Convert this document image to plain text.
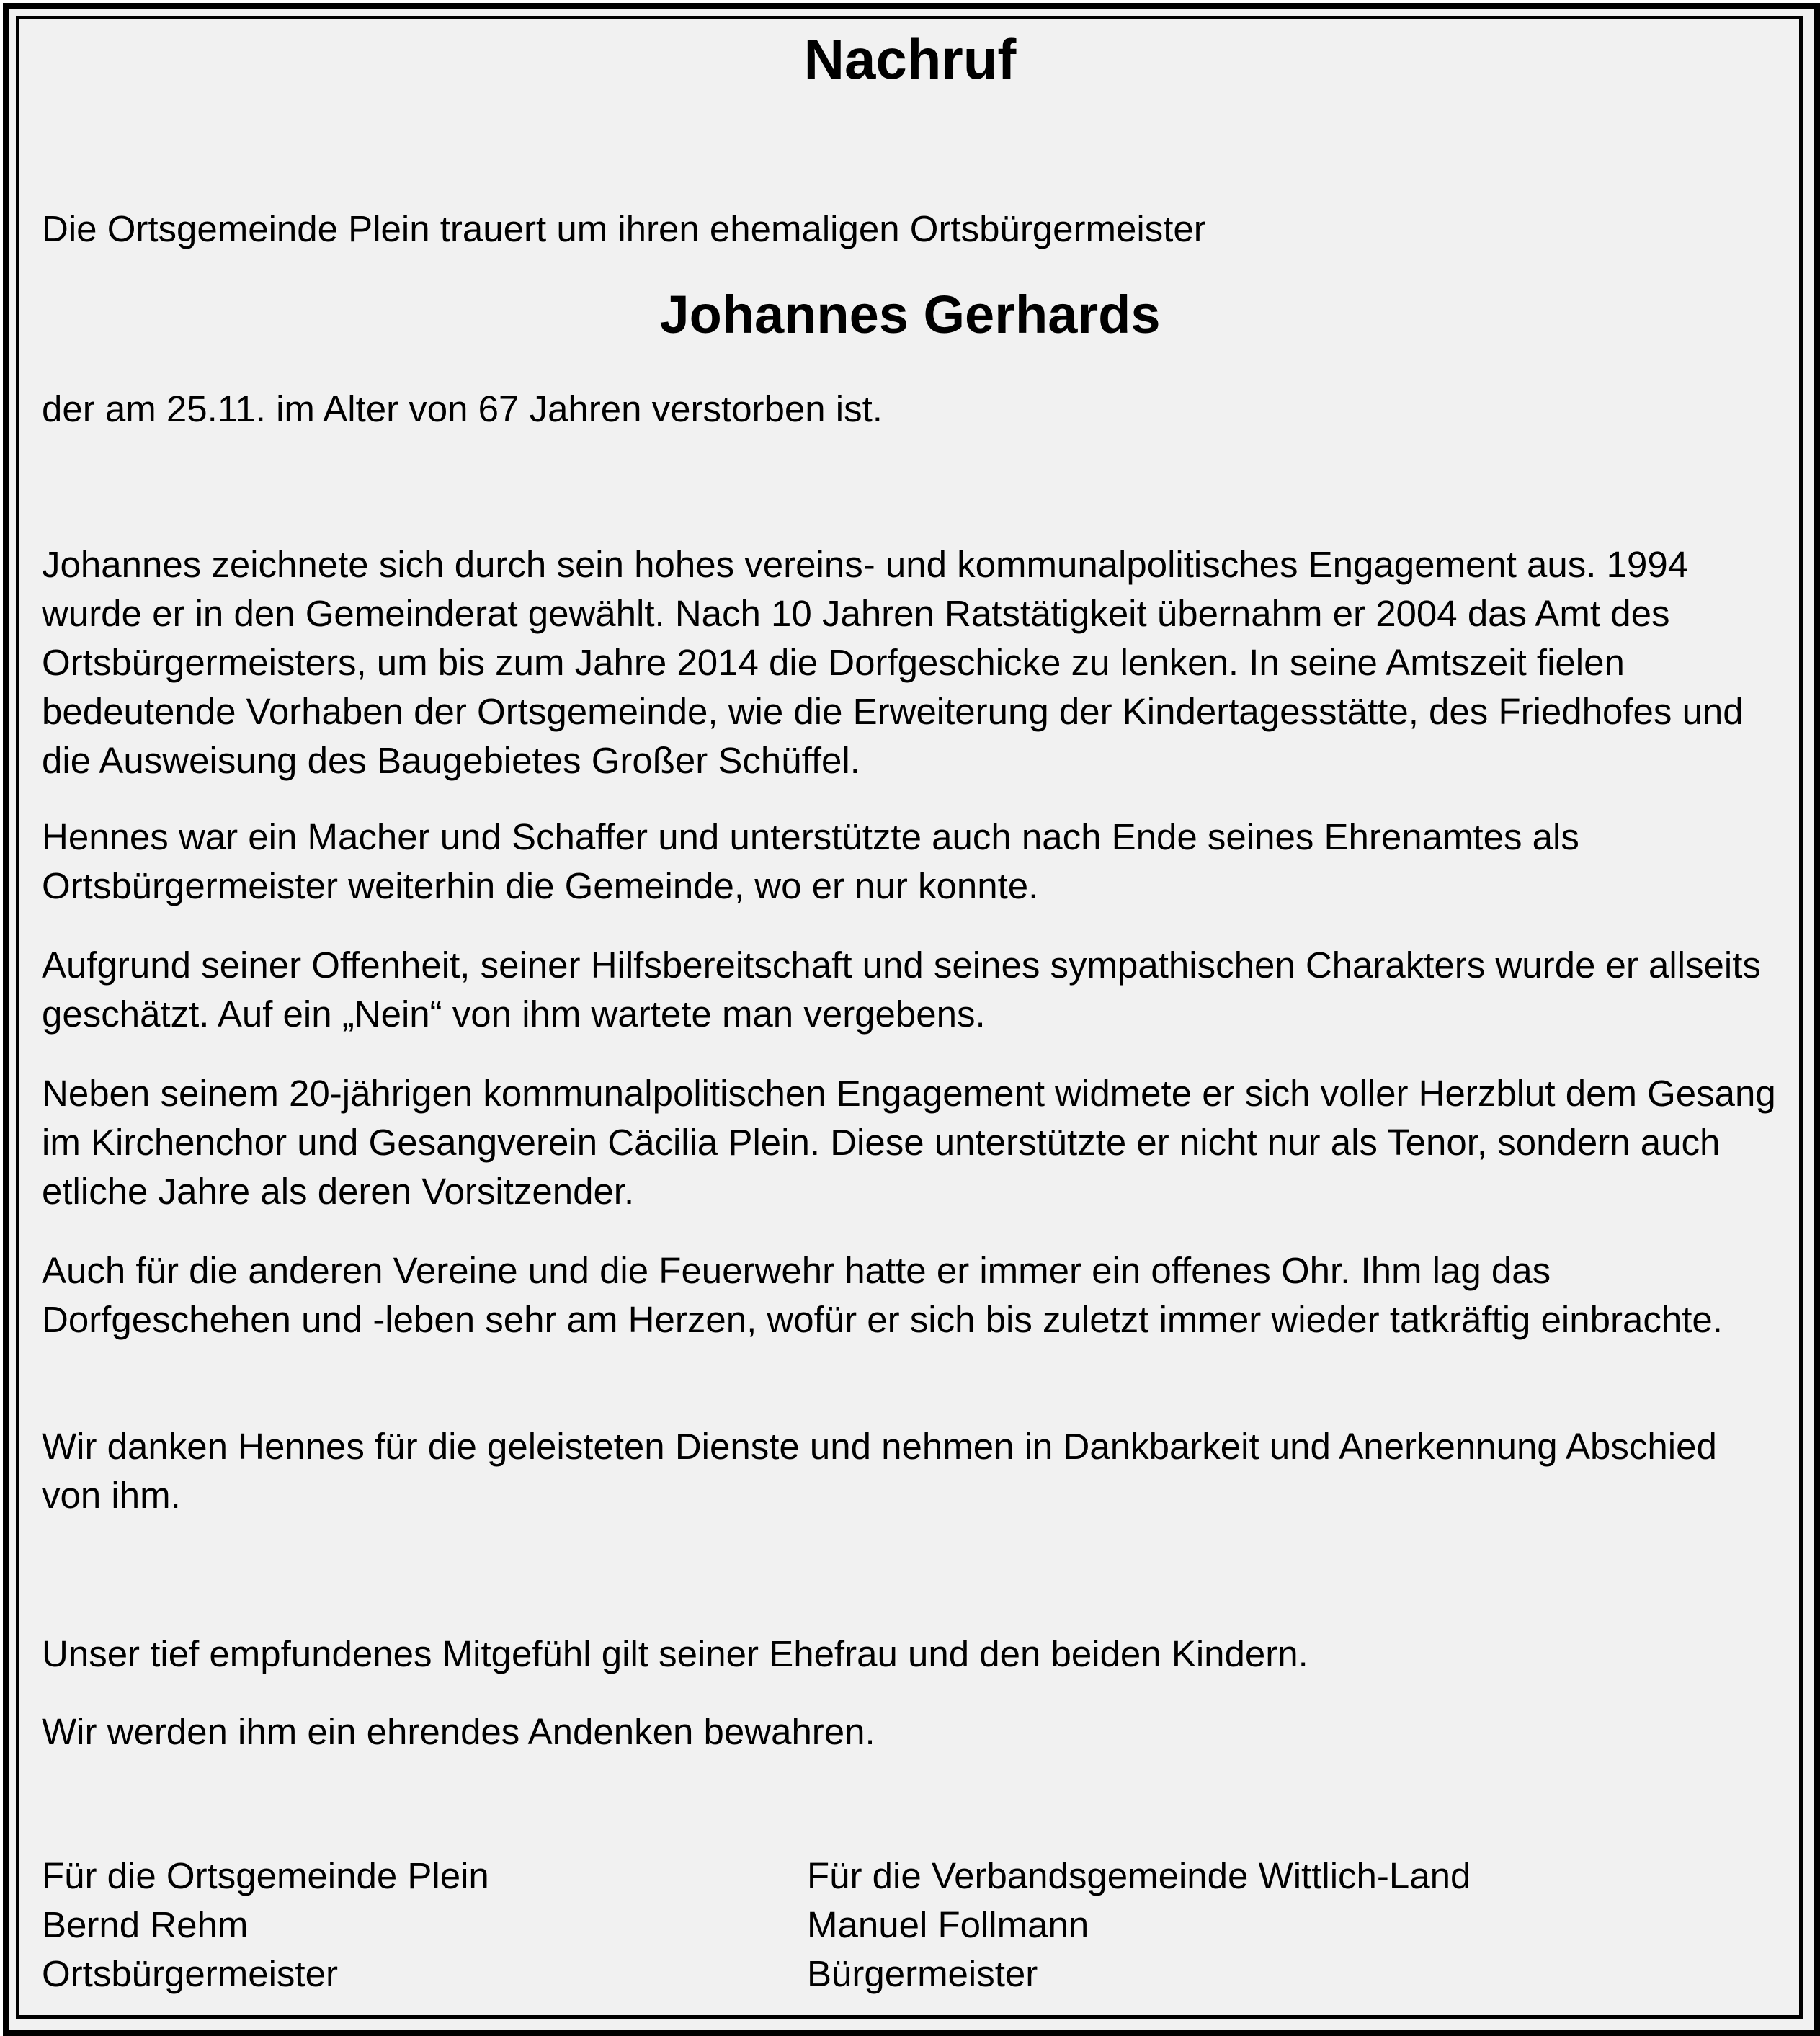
Nachruf

Die Ortsgemeinde Plein trauert um ihren ehemaligen Ortsbürgermeister

Johannes Gerhards

der am 25.11. im Alter von 67 Jahren verstorben ist.

Johannes zeichnete sich durch sein hohes vereins- und kommunalpolitisches Engagement aus. 1994 wurde er in den Gemeinderat gewählt. Nach 10 Jahren Ratstätigkeit übernahm er 2004 das Amt des Ortsbürgermeisters, um bis zum Jahre 2014 die Dorfgeschicke zu lenken. In seine Amtszeit fielen bedeutende Vorhaben der Ortsgemeinde, wie die Erweiterung der Kindertagesstätte, des Friedhofes und die Ausweisung des Baugebietes Großer Schüffel.

Hennes war ein Macher und Schaffer und unterstützte auch nach Ende seines Ehrenamtes als Ortsbürgermeister weiterhin die Gemeinde, wo er nur konnte.

Aufgrund seiner Offenheit, seiner Hilfsbereitschaft und seines sympathischen Charakters wurde er allseits geschätzt. Auf ein „Nein“ von ihm wartete man vergebens.

Neben seinem 20-jährigen kommunalpolitischen Engagement widmete er sich voller Herzblut dem Gesang im Kirchenchor und Gesangverein Cäcilia Plein. Diese unterstützte er nicht nur als Tenor, sondern auch etliche Jahre als deren Vorsitzender.

Auch für die anderen Vereine und die Feuerwehr hatte er immer ein offenes Ohr. Ihm lag das Dorfgeschehen und -leben sehr am Herzen, wofür er sich bis zuletzt immer wieder tatkräftig einbrachte.

Wir danken Hennes für die geleisteten Dienste und nehmen in Dankbarkeit und Anerkennung Abschied von ihm.

Unser tief empfundenes Mitgefühl gilt seiner Ehefrau und den beiden Kindern.

Wir werden ihm ein ehrendes Andenken bewahren.

Für die Ortsgemeinde Plein
Bernd Rehm
Ortsbürgermeister
Für die Verbandsgemeinde Wittlich-Land
Manuel Follmann
Bürgermeister
